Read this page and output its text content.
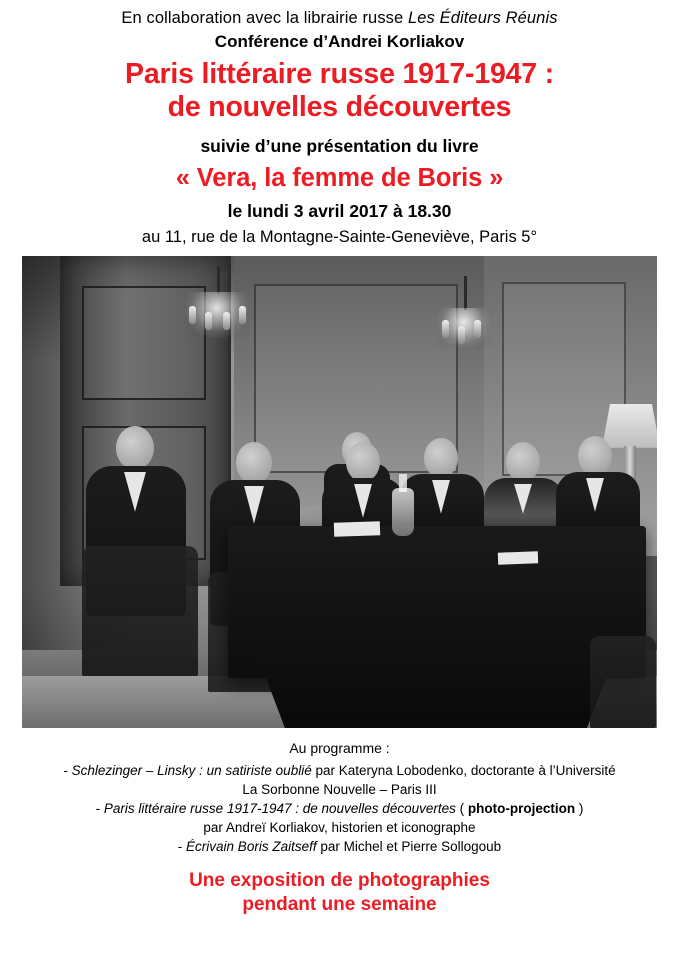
En collaboration avec la librairie russe Les Éditeurs Réunis
Conférence d’Andrei Korliakov
Paris littéraire russe 1917-1947 :
de nouvelles découvertes
suivie d’une présentation du livre
« Vera, la femme de Boris »
le lundi 3 avril 2017 à 18.30
au 11, rue de la Montagne-Sainte-Geneviève, Paris 5°
Au programme :
- Schlezinger – Linsky : un satiriste oublié par Kateryna Lobodenko, doctorante à l’Université
La Sorbonne Nouvelle – Paris III
- Paris littéraire russe 1917-1947 : de nouvelles découvertes ( photo-projection )
par Andreï Korliakov, historien et iconographe
- Écrivain Boris Zaitseff par Michel et Pierre Sollogoub
Une exposition de photographies
pendant une semaine
